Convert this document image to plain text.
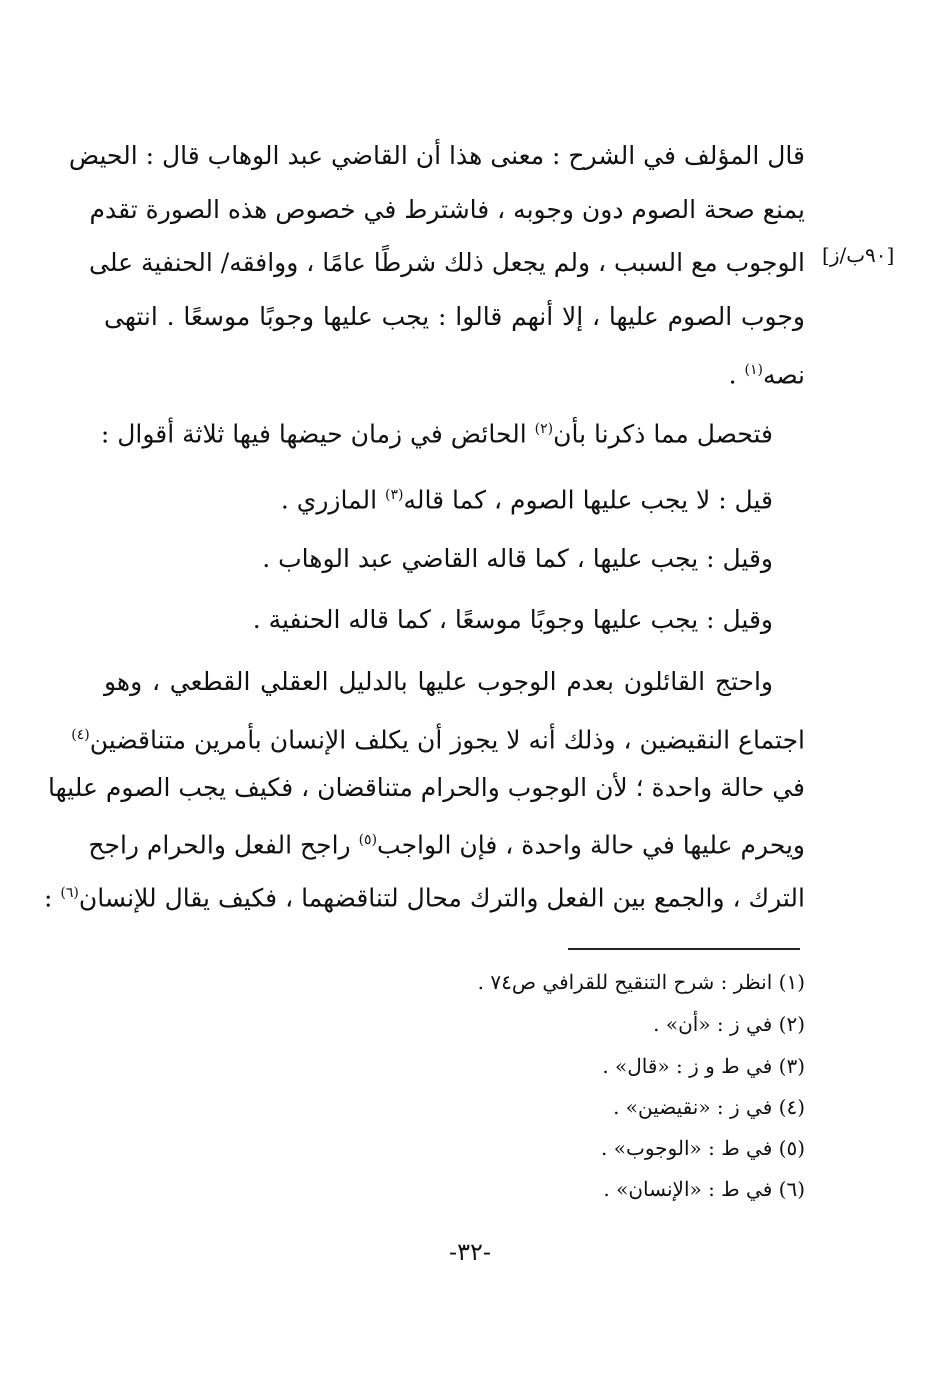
[٩٠ب/ز]
قال المؤلف في الشرح : معنى هذا أن القاضي عبد الوهاب قال : الحيض
يمنع صحة الصوم دون وجوبه ، فاشترط في خصوص هذه الصورة تقدم
الوجوب مع السبب ، ولم يجعل ذلك شرطًا عامًا ، ووافقه/ الحنفية على
وجوب الصوم عليها ، إلا أنهم قالوا : يجب عليها وجوبًا موسعًا . انتهى
نصه$^{(١)}$ .
فتحصل مما ذكرنا بأن$^{(٢)}$ الحائض في زمان حيضها فيها ثلاثة أقوال :
قيل : لا يجب عليها الصوم ، كما قاله$^{(٣)}$ المازري .
وقيل : يجب عليها ، كما قاله القاضي عبد الوهاب .
وقيل : يجب عليها وجوبًا موسعًا ، كما قاله الحنفية .
واحتج القائلون بعدم الوجوب عليها بالدليل العقلي القطعي ، وهو
اجتماع النقيضين ، وذلك أنه لا يجوز أن يكلف الإنسان بأمرين متناقضين$^{(٤)}$
في حالة واحدة ؛ لأن الوجوب والحرام متناقضان ، فكيف يجب الصوم عليها
ويحرم عليها في حالة واحدة ، فإن الواجب$^{(٥)}$ راجح الفعل والحرام راجح
الترك ، والجمع بين الفعل والترك محال لتناقضهما ، فكيف يقال للإنسان$^{(٦)}$ :
(١) انظر : شرح التنقيح للقرافي ص٧٤ .
(٢) في ز : «أن» .
(٣) في ط و ز : «قال» .
(٤) في ز : «نقيضين» .
(٥) في ط : «الوجوب» .
(٦) في ط : «الإنسان» .
-٣٢-
